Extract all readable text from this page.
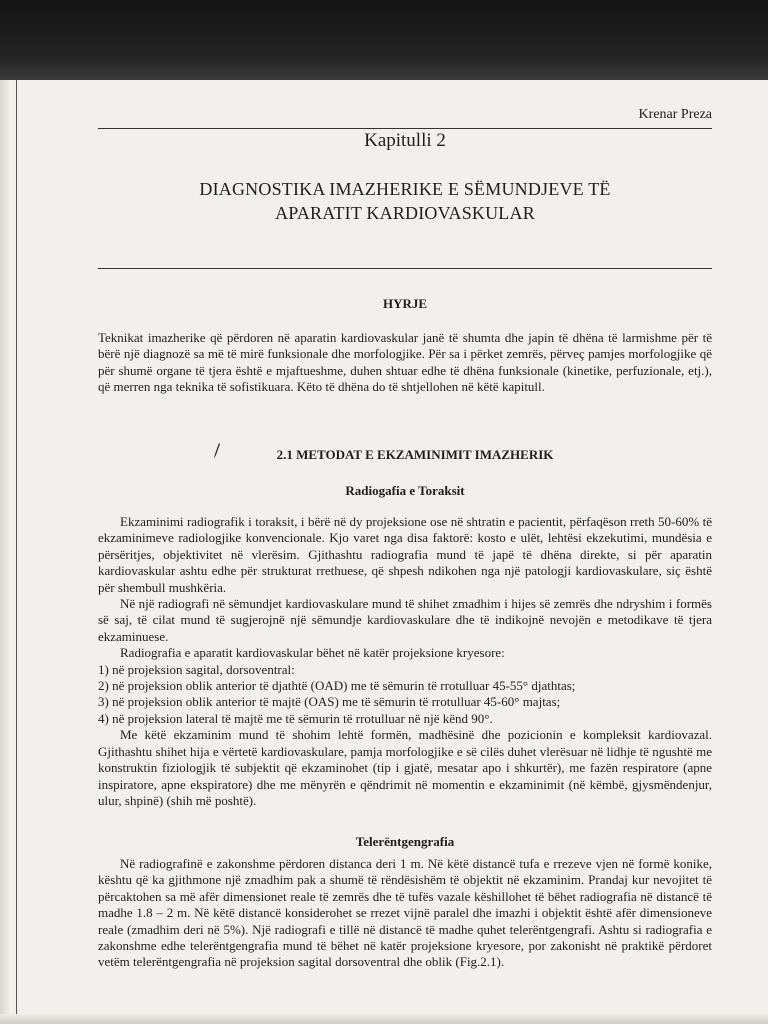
Krenar Preza
Kapitulli 2
DIAGNOSTIKA IMAZHERIKE E SËMUNDJEVE TË
APARATIT KARDIOVASKULAR
HYRJE

Teknikat imazherike që përdoren në aparatin kardiovaskular janë të shumta dhe japin të dhëna të larmishme për të bërë një diagnozë sa më të mirë funksionale dhe morfologjike. Për sa i përket zemrës, përveç pamjes morfologjike që për shumë organe të tjera është e mjaftueshme, duhen shtuar edhe të dhëna funksionale (kinetike, perfuzionale, etj.), që merren nga teknika të sofistikuara. Këto të dhëna do të shtjellohen në këtë kapitull.

2.1 METODAT E EKZAMINIMIT IMAZHERIK
Radiogafia e Toraksit

Ekzaminimi radiografik i toraksit, i bërë në dy projeksione ose në shtratin e pacientit, përfaqëson rreth 50-60% të ekzaminimeve radiologjike konvencionale. Kjo varet nga disa faktorë: kosto e ulët, lehtësi ekzekutimi, mundësia e përsëritjes, objektivitet në vlerësim. Gjithashtu radiografia mund të japë të dhëna direkte, si për aparatin kardiovaskular ashtu edhe për strukturat rrethuese, që shpesh ndikohen nga një patologji kardiovaskulare, siç është për shembull mushkëria.

Në një radiografi në sëmundjet kardiovaskulare mund të shihet zmadhim i hijes së zemrës dhe ndryshim i formës së saj, të cilat mund të sugjerojnë një sëmundje kardiovaskulare dhe të indikojnë nevojën e metodikave të tjera ekzaminuese.

Radiografia e aparatit kardiovaskular bëhet në katër projeksione kryesore:

1) në projeksion sagital, dorsoventral:

2) në projeksion oblik anterior të djathtë (OAD) me të sëmurin të rrotulluar 45-55° djathtas;

3) në projeksion oblik anterior të majtë (OAS) me të sëmurin të rrotulluar 45-60° majtas;

4) në projeksion lateral të majtë me të sëmurin të rrotulluar në një kënd 90°.

Me këtë ekzaminim mund të shohim lehtë formën, madhësinë dhe pozicionin e kompleksit kardiovazal. Gjithashtu shihet hija e vërtetë kardiovaskulare, pamja morfologjike e së cilës duhet vlerësuar në lidhje të ngushtë me konstruktin fiziologjik të subjektit që ekzaminohet (tip i gjatë, mesatar apo i shkurtër), me fazën respiratore (apne inspiratore, apne ekspiratore) dhe me mënyrën e qëndrimit në momentin e ekzaminimit (në këmbë, gjysmëndenjur, ulur, shpinë) (shih më poshtë).

Telerëntgengrafia

Në radiografinë e zakonshme përdoren distanca deri 1 m. Në këtë distancë tufa e rrezeve vjen në formë konike, kështu që ka gjithmone një zmadhim pak a shumë të rëndësishëm të objektit në ekzaminim. Prandaj kur nevojitet të përcaktohen sa më afër dimensionet reale të zemrës dhe të tufës vazale këshillohet të bëhet radiografia në distancë të madhe 1.8 – 2 m. Në këtë distancë konsiderohet se rrezet vijnë paralel dhe imazhi i objektit është afër dimensioneve reale (zmadhim deri në 5%). Një radiografi e tillë në distancë të madhe quhet telerëntgengrafi. Ashtu si radiografia e zakonshme edhe telerëntgengrafia mund të bëhet në katër projeksione kryesore, por zakonisht në praktikë përdoret vetëm telerëntgengrafia në projeksion sagital dorsoventral dhe oblik (Fig.2.1).
